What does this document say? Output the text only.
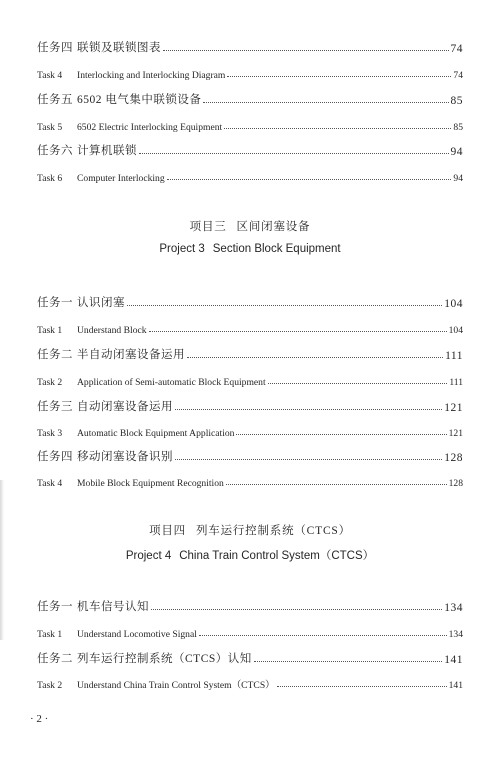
任务四 联锁及联锁图表	74
Task 4	Interlocking and Interlocking Diagram	74
任务五 6502 电气集中联锁设备	85
Task 5	6502 Electric Interlocking Equipment	85
任务六 计算机联锁	94
Task 6	Computer Interlocking	94
项目三 区间闭塞设备
Project 3 Section Block Equipment
任务一 认识闭塞	104
Task 1	Understand Block	104
任务二 半自动闭塞设备运用	111
Task 2	Application of Semi-automatic Block Equipment	111
任务三 自动闭塞设备运用	121
Task 3	Automatic Block Equipment Application	121
任务四 移动闭塞设备识别	128
Task 4	Mobile Block Equipment Recognition	128
项目四 列车运行控制系统（CTCS）
Project 4 China Train Control System（CTCS）
任务一 机车信号认知	134
Task 1	Understand Locomotive Signal	134
任务二 列车运行控制系统（CTCS）认知	141
Task 2	Understand China Train Control System（CTCS）	141
· 2 ·
